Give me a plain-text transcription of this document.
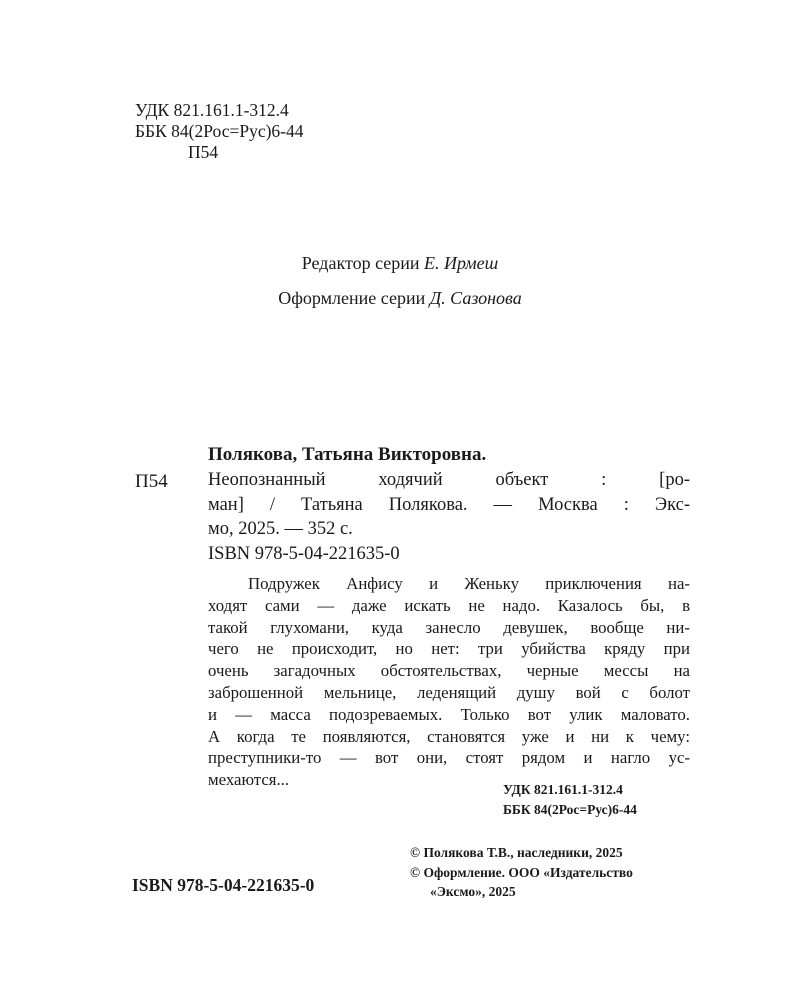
УДК 821.161.1-312.4
ББК 84(2Рос=Рус)6-44
П54
Редактор серии Е. Ирмеш
Оформление серии Д. Сазонова
Полякова, Татьяна Викторовна.
П54 Неопознанный ходячий объект : [ро-
ман] / Татьяна Полякова. — Москва : Экс-
мо, 2025. — 352 с.
ISBN 978-5-04-221635-0
Подружек Анфису и Женьку приключения на-
ходят сами — даже искать не надо. Казалось бы, в
такой глухомани, куда занесло девушек, вообще ни-
чего не происходит, но нет: три убийства кряду при
очень загадочных обстоятельствах, черные мессы на
заброшенной мельнице, леденящий душу вой с болот
и — масса подозреваемых. Только вот улик маловато.
А когда те появляются, становятся уже и ни к чему:
преступники-то — вот они, стоят рядом и нагло ус-
мехаются...
УДК 821.161.1-312.4
ББК 84(2Рос=Рус)6-44
ISBN 978-5-04-221635-0
© Полякова Т.В., наследники, 2025
© Оформление. ООО «Издательство
«Эксмо», 2025
